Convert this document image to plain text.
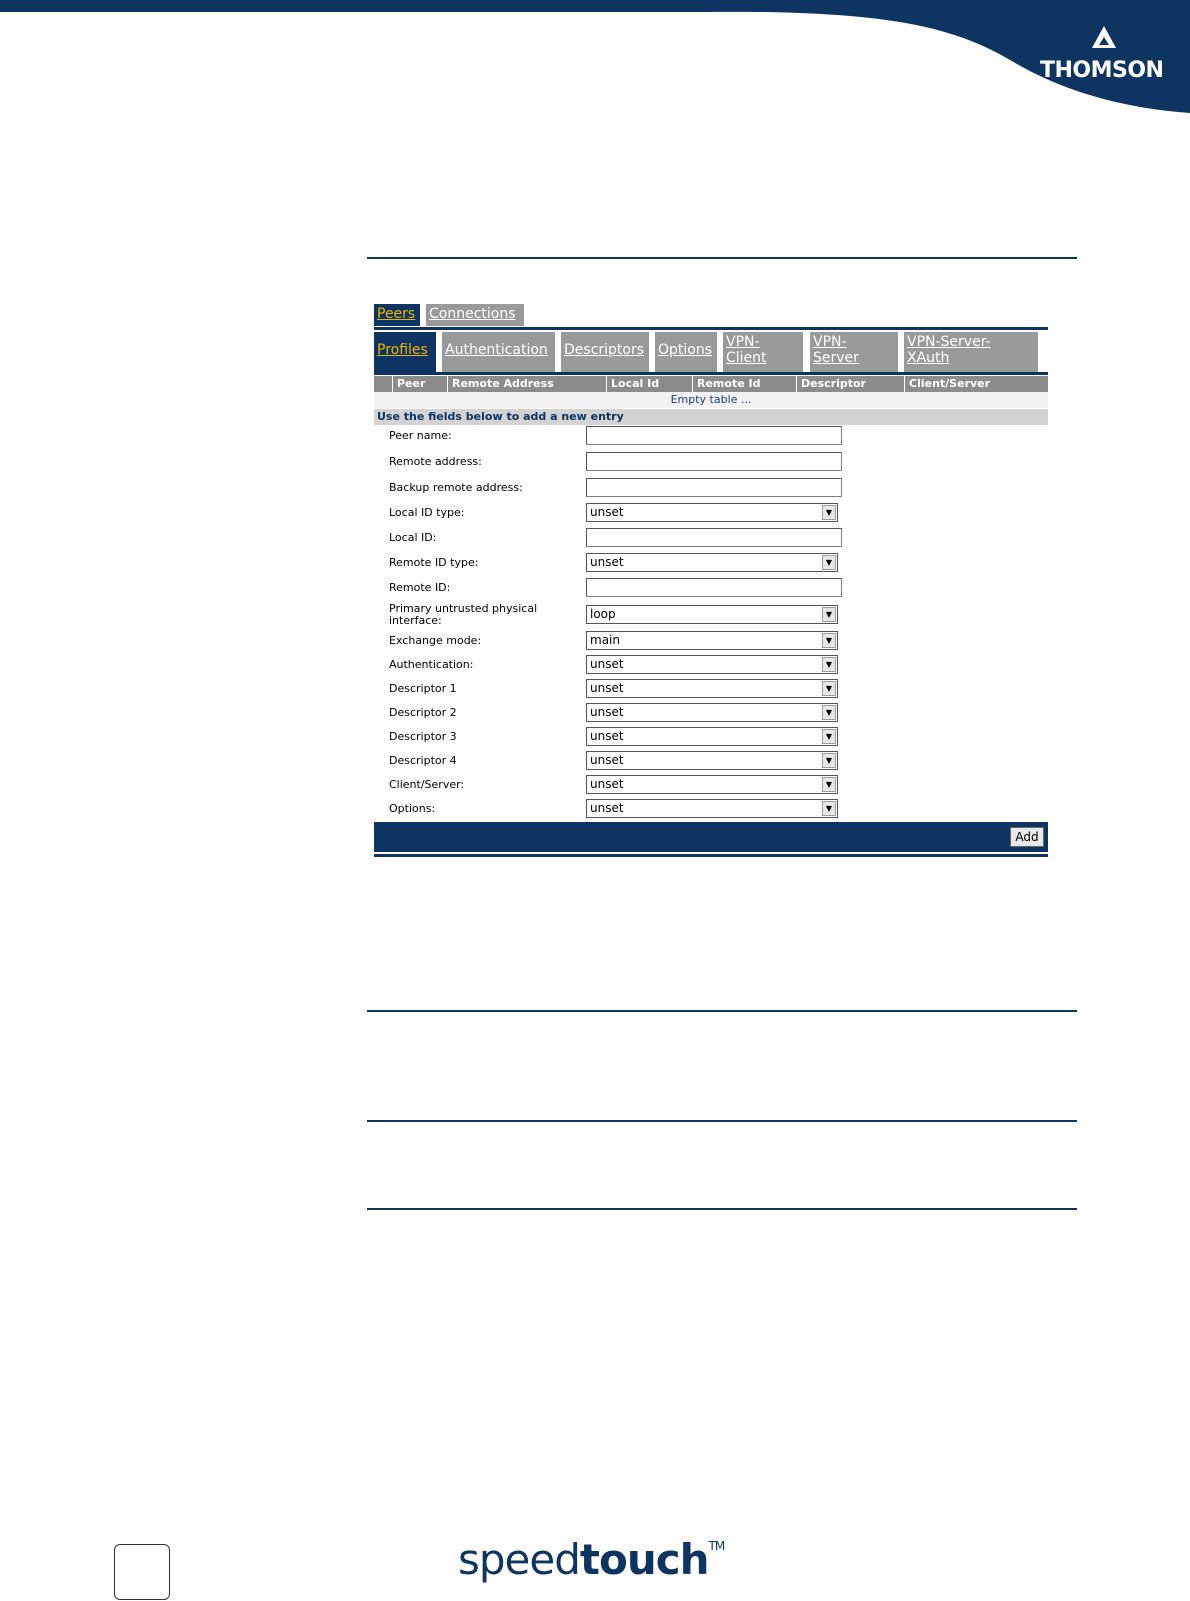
THOMSON
Peers Connections
Profiles	Authentication	Descriptors Options VPN-
Client
VPN-
Server
VPN-Server-
XAuth
Peer	Remote Address	Local Id	Remote Id	Descriptor	Client/Server
Empty table ...
Use the fields below to add a new entry
Peer name:
Remote address:
Backup remote address:
Local ID type:	unset	▼
Local ID:
Remote ID type:	unset	▼
Remote ID:
Primary untrusted physical interface:	loop	▼
Exchange mode:	main	▼
Authentication:	unset	▼
Descriptor 1	unset	▼
Descriptor 2	unset	▼
Descriptor 3	unset	▼
Descriptor 4	unset	▼
Client/Server:	unset	▼
Options:	unset	▼
Add
speedtouch™
